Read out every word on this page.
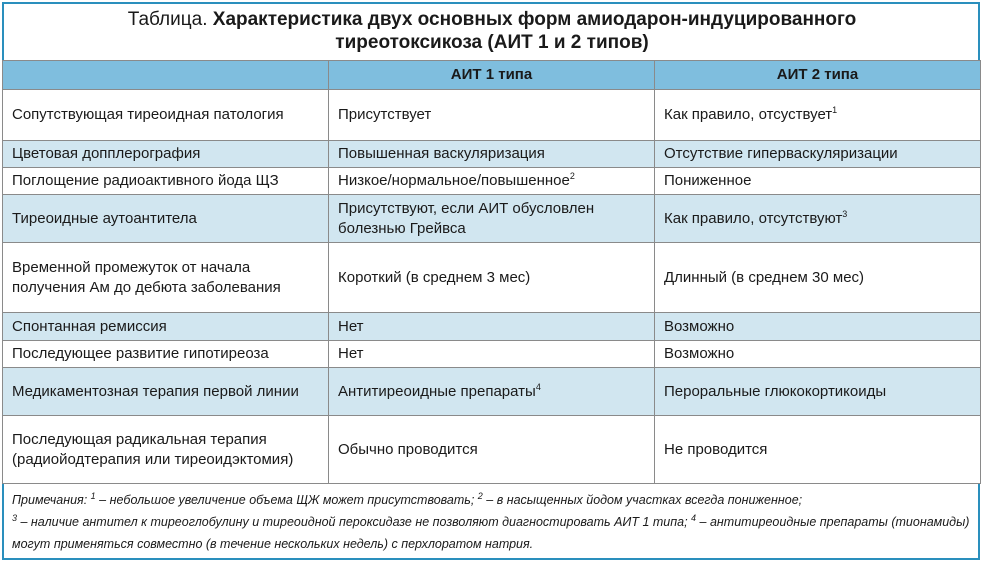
Таблица. Характеристика двух основных форм амиодарон-индуцированного
тиреотоксикоза (АИТ 1 и 2 типов)
	АИТ 1 типа	АИТ 2 типа
Сопутствующая тиреоидная патология	Присутствует	Как правило, отсуствует$^1$
Цветовая допплерография	Повышенная васкуляризация	Отсутствие гиперваскуляризации
Поглощение радиоактивного йода ЩЗ	Низкое/нормальное/повышенное$^2$	Пониженное
Тиреоидные аутоантитела	Присутствуют, если АИТ обусловлен болезнью Грейвса	Как правило, отсутствуют$^3$
Временной промежуток от начала получения Ам до дебюта заболевания	Короткий (в среднем 3 мес)	Длинный (в среднем 30 мес)
Спонтанная ремиссия	Нет	Возможно
Последующее развитие гипотиреоза	Нет	Возможно
Медикаментозная терапия первой линии	Антитиреоидные препараты$^4$	Пероральные глюкокортикоиды
Последующая радикальная терапия (радиойодтерапия или тиреоидэктомия)	Обычно проводится	Не проводится

Примечания: $^1$ – небольшое увеличение объема ЩЖ может присутствовать; $^2$ – в насыщенных йодом участках всегда пониженное;

$^3$ – наличие антител к тиреоглобулину и тиреоидной пероксидазе не позволяют диагностировать АИТ 1 типа; $^4$ – антитиреоидные препараты (тионамиды) могут применяться совместно (в течение нескольких недель) с перхлоратом натрия.
